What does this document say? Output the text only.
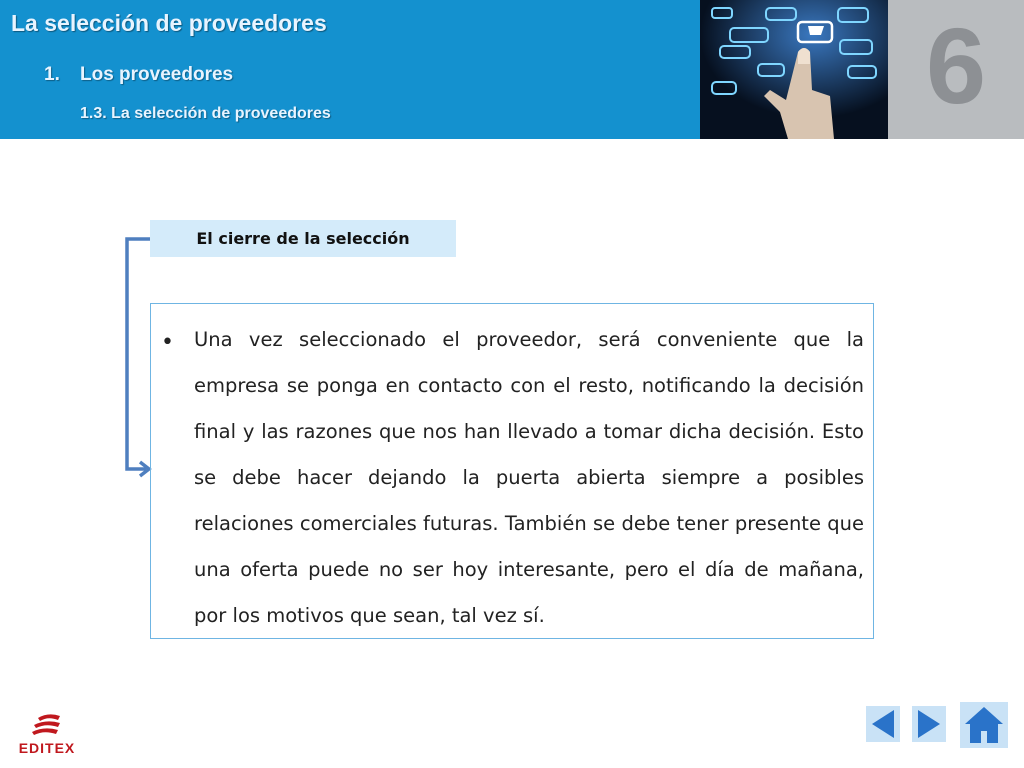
La selección de proveedores
1. Los proveedores
1.3. La selección de proveedores	6
El cierre de la selección
• Una vez seleccionado el proveedor, será conveniente que la empresa se ponga en contacto con el resto, notificando la decisión final y las razones que nos han llevado a tomar dicha decisión. Esto se debe hacer dejando la puerta abierta siempre a posibles relaciones comerciales futuras. También se debe tener presente que una oferta puede no ser hoy interesante, pero el día de mañana, por los motivos que sean, tal vez sí.
EDITEX
